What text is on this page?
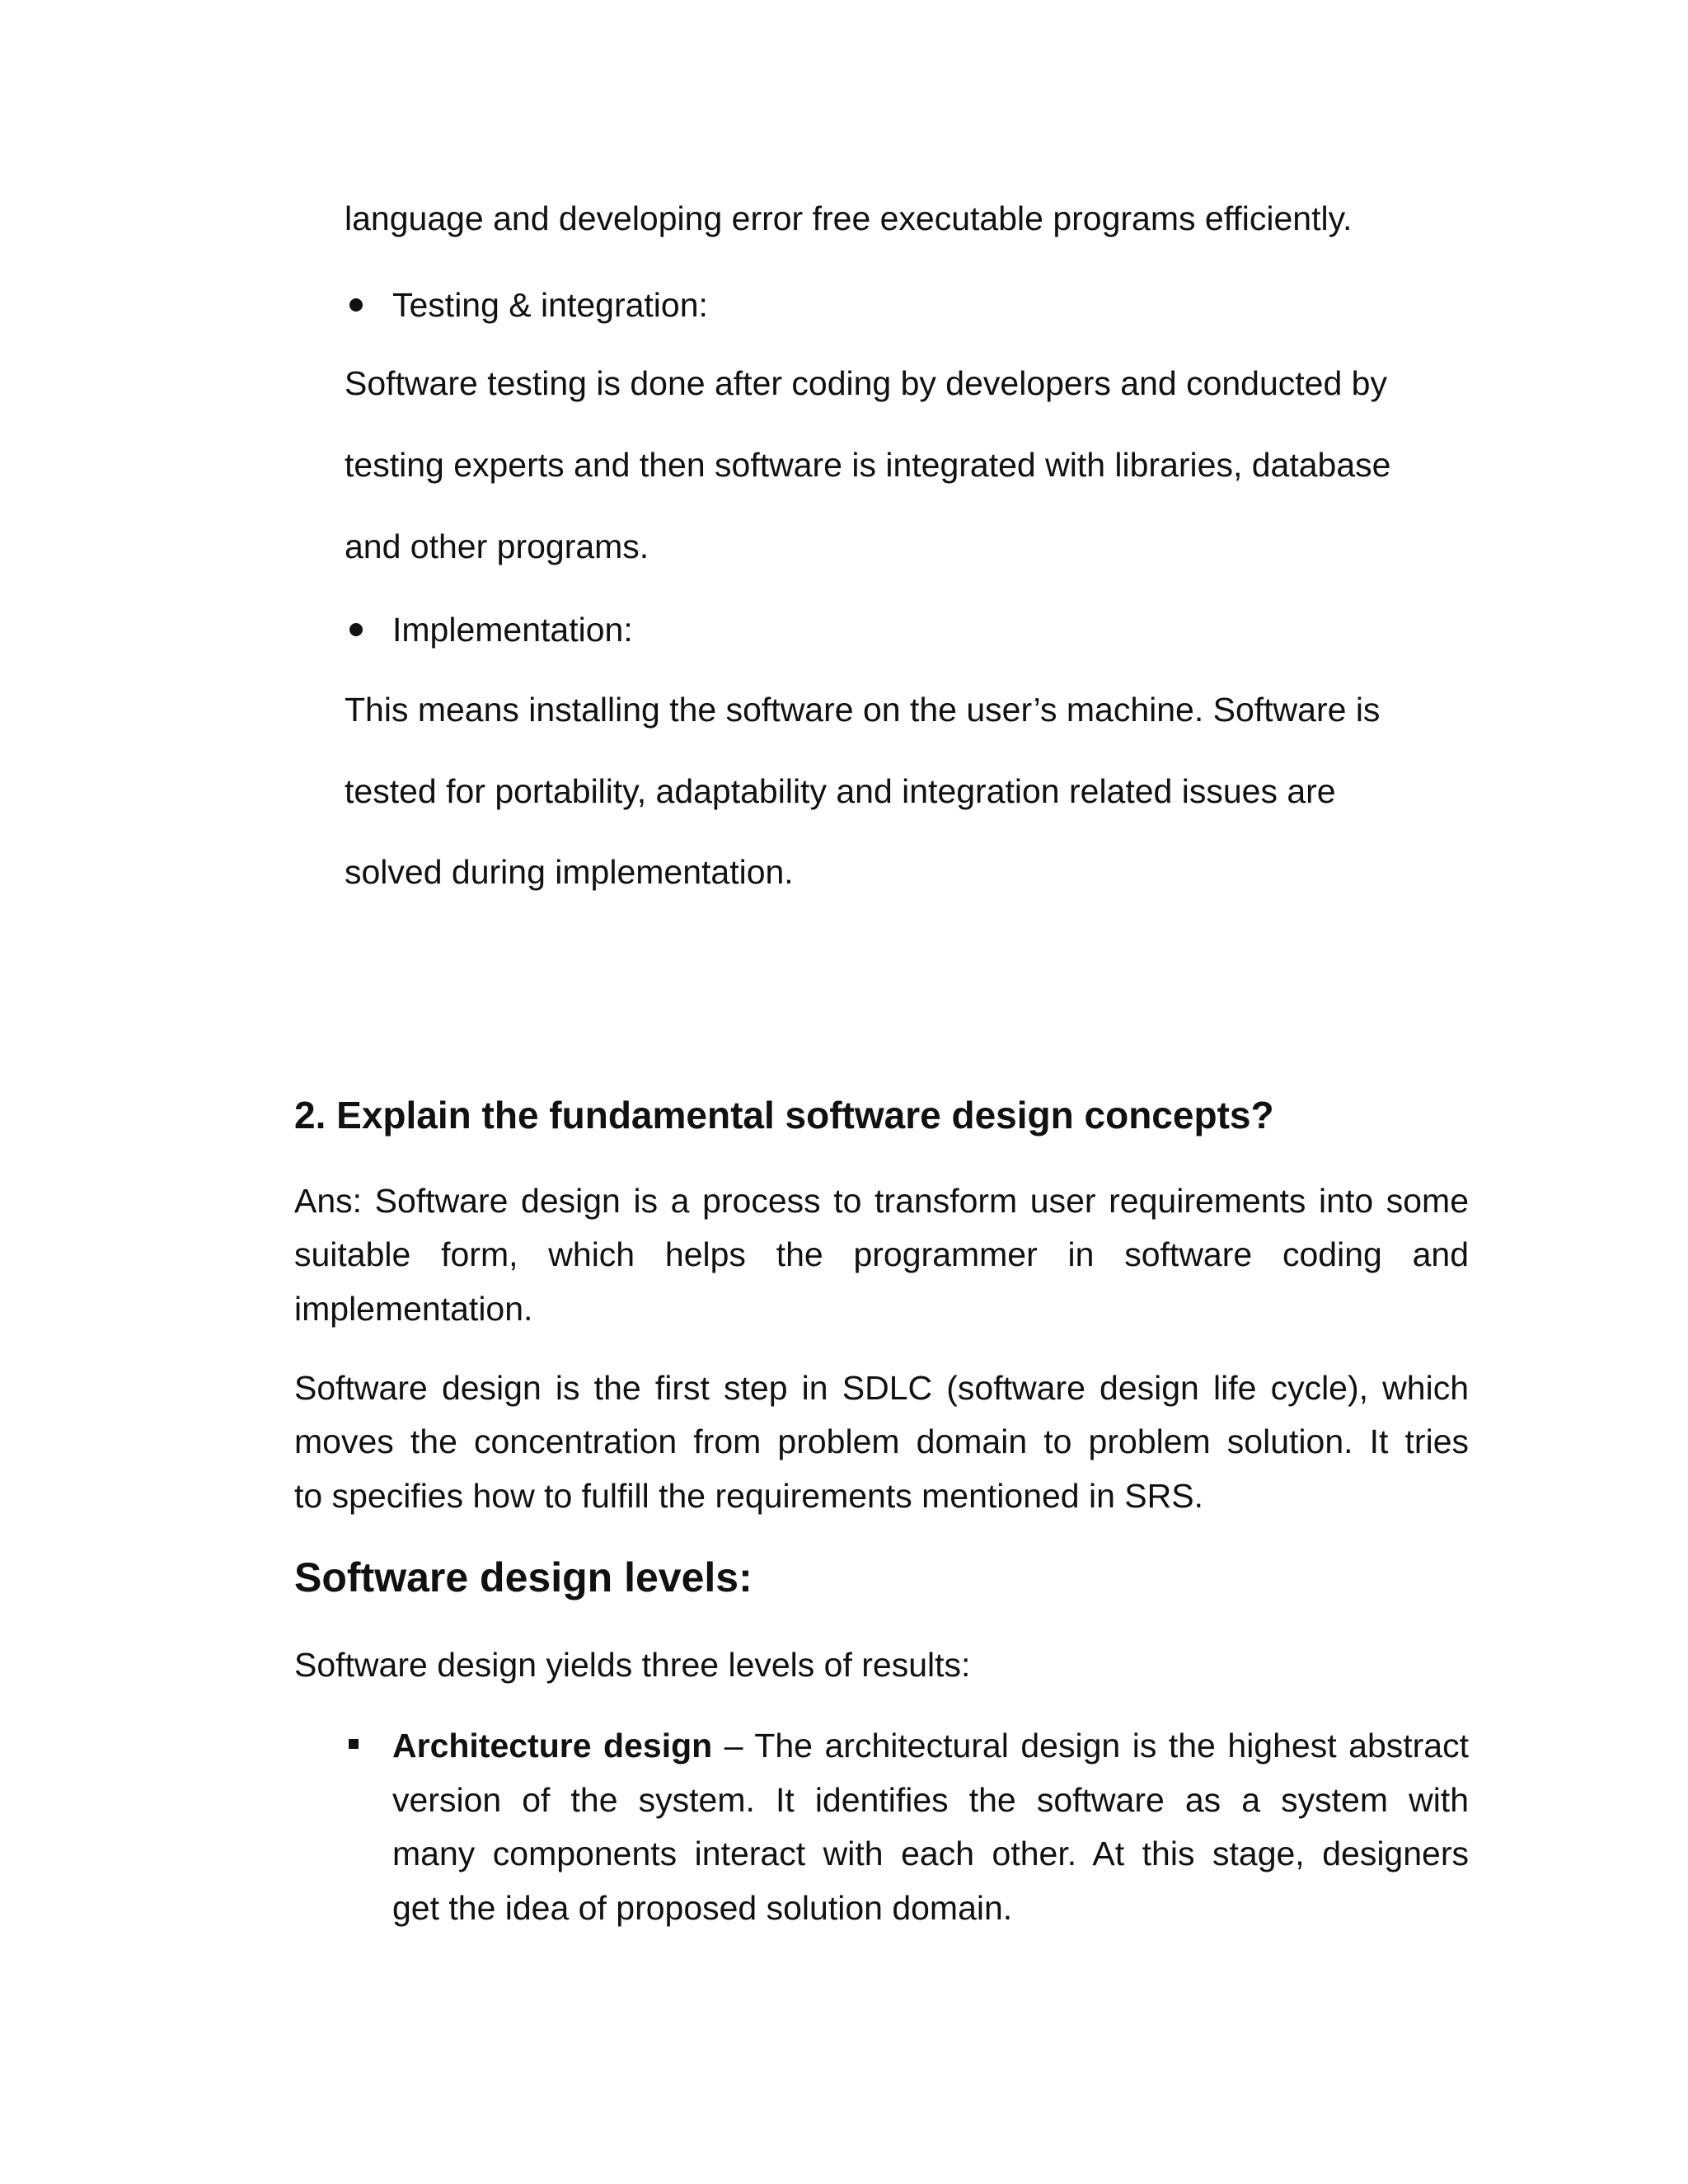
language and developing error free executable programs efficiently.
Testing & integration:
Software testing is done after coding by developers and conducted by
testing experts and then software is integrated with libraries, database
and other programs.
Implementation:
This means installing the software on the user’s machine. Software is
tested for portability, adaptability and integration related issues are
solved during implementation.
2. Explain the fundamental software design concepts?
Ans: Software design is a process to transform user requirements into some
suitable form, which helps the programmer in software coding and
implementation.
Software design is the first step in SDLC (software design life cycle), which
moves the concentration from problem domain to problem solution. It tries
to specifies how to fulfill the requirements mentioned in SRS.
Software design levels:
Software design yields three levels of results:
Architecture design – The architectural design is the highest abstract
version of the system. It identifies the software as a system with
many components interact with each other. At this stage, designers
get the idea of proposed solution domain.
